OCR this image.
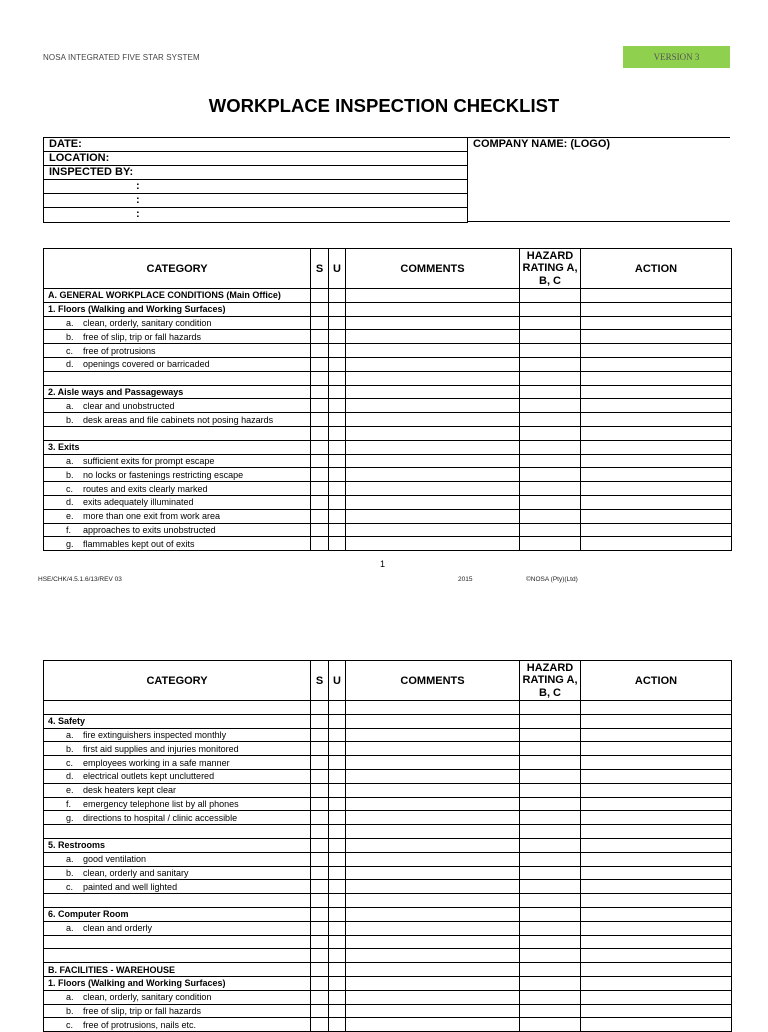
NOSA INTEGRATED FIVE STAR SYSTEM	VERSION 3
WORKPLACE INSPECTION CHECKLIST
DATE:
LOCATION:
INSPECTED BY:
:
:
:
COMPANY NAME: (LOGO)
CATEGORY	S	U	COMMENTS	HAZARD RATING A, B, C	ACTION
A. GENERAL WORKPLACE CONDITIONS (Main Office)					
1. Floors (Walking and Working Surfaces)					
a. clean, orderly, sanitary condition					
b. free of slip, trip or fall hazards					
c. free of protrusions					
d. openings covered or barricaded					

2. Aisle ways and Passageways					
a. clear and unobstructed					
b. desk areas and file cabinets not posing hazards					

3. Exits					
a. sufficient exits for prompt escape					
b. no locks or fastenings restricting escape					
c. routes and exits clearly marked					
d. exits adequately illuminated					
e. more than one exit from work area					
f. approaches to exits unobstructed					
g. flammables kept out of exits					
1
HSE/CHK/4.5.1.6/13/REV 03	2015	©NOSA (Pty)(Ltd)
CATEGORY	S	U	COMMENTS	HAZARD RATING A, B, C	ACTION

4. Safety					
a. fire extinguishers inspected monthly					
b. first aid supplies and injuries monitored					
c. employees working in a safe manner					
d. electrical outlets kept uncluttered					
e. desk heaters kept clear					
f. emergency telephone list by all phones					
g. directions to hospital / clinic accessible					

5. Restrooms					
a. good ventilation					
b. clean, orderly and sanitary					
c. painted and well lighted					

6. Computer Room					
a. clean and orderly					

B. FACILITIES - WAREHOUSE					
1. Floors (Walking and Working Surfaces)					
a. clean, orderly, sanitary condition					
b. free of slip, trip or fall hazards					
c. free of protrusions, nails etc.					
